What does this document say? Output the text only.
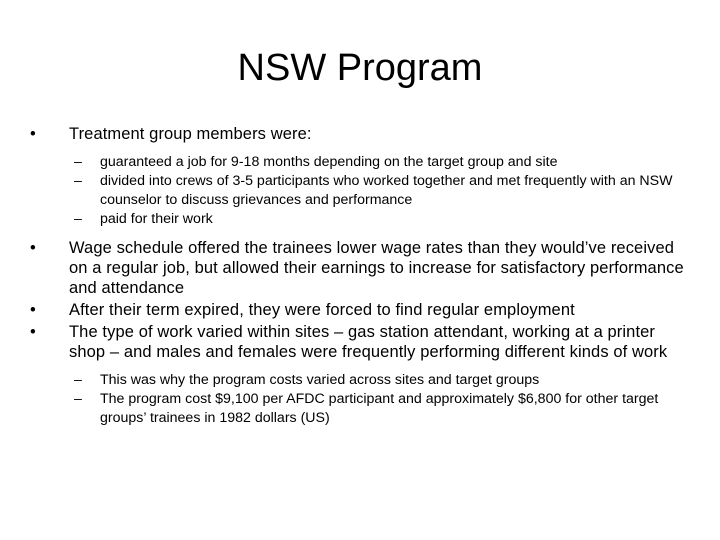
NSW Program
• Treatment group members were:
– guaranteed a job for 9-18 months depending on the target group and site
– divided into crews of 3-5 participants who worked together and met frequently with an NSW counselor to discuss grievances and performance
– paid for their work
• Wage schedule offered the trainees lower wage rates than they would’ve received on a regular job, but allowed their earnings to increase for satisfactory performance and attendance
• After their term expired, they were forced to find regular employment
• The type of work varied within sites – gas station attendant, working at a printer shop – and males and females were frequently performing different kinds of work
– This was why the program costs varied across sites and target groups
– The program cost $9,100 per AFDC participant and approximately $6,800 for other target groups’ trainees in 1982 dollars (US)
